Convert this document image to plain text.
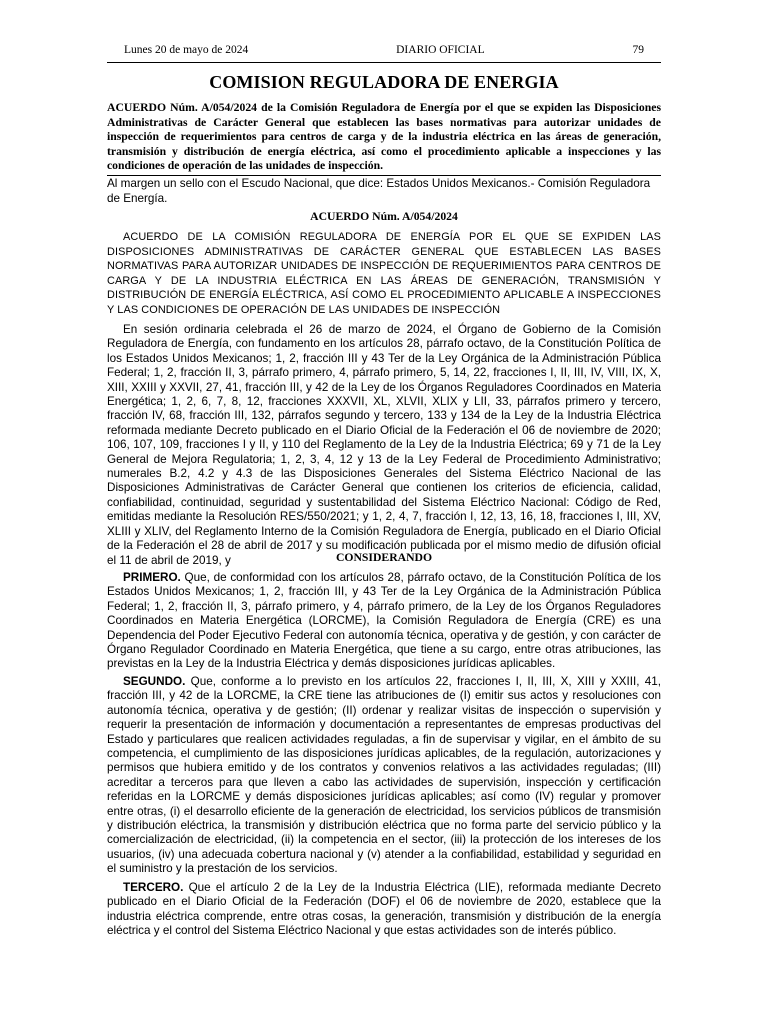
Lunes 20 de mayo de 2024	DIARIO OFICIAL	79
COMISION REGULADORA DE ENERGIA
ACUERDO Núm. A/054/2024 de la Comisión Reguladora de Energía por el que se expiden las Disposiciones Administrativas de Carácter General que establecen las bases normativas para autorizar unidades de inspección de requerimientos para centros de carga y de la industria eléctrica en las áreas de generación, transmisión y distribución de energía eléctrica, así como el procedimiento aplicable a inspecciones y las condiciones de operación de las unidades de inspección.
Al margen un sello con el Escudo Nacional, que dice: Estados Unidos Mexicanos.- Comisión Reguladora de Energía.
ACUERDO Núm. A/054/2024
ACUERDO DE LA COMISIÓN REGULADORA DE ENERGÍA POR EL QUE SE EXPIDEN LAS DISPOSICIONES ADMINISTRATIVAS DE CARÁCTER GENERAL QUE ESTABLECEN LAS BASES NORMATIVAS PARA AUTORIZAR UNIDADES DE INSPECCIÓN DE REQUERIMIENTOS PARA CENTROS DE CARGA Y DE LA INDUSTRIA ELÉCTRICA EN LAS ÁREAS DE GENERACIÓN, TRANSMISIÓN Y DISTRIBUCIÓN DE ENERGÍA ELÉCTRICA, ASÍ COMO EL PROCEDIMIENTO APLICABLE A INSPECCIONES Y LAS CONDICIONES DE OPERACIÓN DE LAS UNIDADES DE INSPECCIÓN
En sesión ordinaria celebrada el 26 de marzo de 2024, el Órgano de Gobierno de la Comisión Reguladora de Energía, con fundamento en los artículos 28, párrafo octavo, de la Constitución Política de los Estados Unidos Mexicanos; 1, 2, fracción III y 43 Ter de la Ley Orgánica de la Administración Pública Federal; 1, 2, fracción II, 3, párrafo primero, 4, párrafo primero, 5, 14, 22, fracciones I, II, III, IV, VIII, IX, X, XIII, XXIII y XXVII, 27, 41, fracción III, y 42 de la Ley de los Órganos Reguladores Coordinados en Materia Energética; 1, 2, 6, 7, 8, 12, fracciones XXXVII, XL, XLVII, XLIX y LII, 33, párrafos primero y tercero, fracción IV, 68, fracción III, 132, párrafos segundo y tercero, 133 y 134 de la Ley de la Industria Eléctrica reformada mediante Decreto publicado en el Diario Oficial de la Federación el 06 de noviembre de 2020; 106, 107, 109, fracciones I y II, y 110 del Reglamento de la Ley de la Industria Eléctrica; 69 y 71 de la Ley General de Mejora Regulatoria; 1, 2, 3, 4, 12 y 13 de la Ley Federal de Procedimiento Administrativo; numerales B.2, 4.2 y 4.3 de las Disposiciones Generales del Sistema Eléctrico Nacional de las Disposiciones Administrativas de Carácter General que contienen los criterios de eficiencia, calidad, confiabilidad, continuidad, seguridad y sustentabilidad del Sistema Eléctrico Nacional: Código de Red, emitidas mediante la Resolución RES/550/2021; y 1, 2, 4, 7, fracción I, 12, 13, 16, 18, fracciones I, III, XV, XLIII y XLIV, del Reglamento Interno de la Comisión Reguladora de Energía, publicado en el Diario Oficial de la Federación el 28 de abril de 2017 y su modificación publicada por el mismo medio de difusión oficial el 11 de abril de 2019, y	CONSIDERANDO
PRIMERO. Que, de conformidad con los artículos 28, párrafo octavo, de la Constitución Política de los Estados Unidos Mexicanos; 1, 2, fracción III, y 43 Ter de la Ley Orgánica de la Administración Pública Federal; 1, 2, fracción II, 3, párrafo primero, y 4, párrafo primero, de la Ley de los Órganos Reguladores Coordinados en Materia Energética (LORCME), la Comisión Reguladora de Energía (CRE) es una Dependencia del Poder Ejecutivo Federal con autonomía técnica, operativa y de gestión, y con carácter de Órgano Regulador Coordinado en Materia Energética, que tiene a su cargo, entre otras atribuciones, las previstas en la Ley de la Industria Eléctrica y demás disposiciones jurídicas aplicables.
SEGUNDO. Que, conforme a lo previsto en los artículos 22, fracciones I, II, III, X, XIII y XXIII, 41, fracción III, y 42 de la LORCME, la CRE tiene las atribuciones de (I) emitir sus actos y resoluciones con autonomía técnica, operativa y de gestión; (II) ordenar y realizar visitas de inspección o supervisión y requerir la presentación de información y documentación a representantes de empresas productivas del Estado y particulares que realicen actividades reguladas, a fin de supervisar y vigilar, en el ámbito de su competencia, el cumplimiento de las disposiciones jurídicas aplicables, de la regulación, autorizaciones y permisos que hubiera emitido y de los contratos y convenios relativos a las actividades reguladas; (III) acreditar a terceros para que lleven a cabo las actividades de supervisión, inspección y certificación referidas en la LORCME y demás disposiciones jurídicas aplicables; así como (IV) regular y promover entre otras, (i) el desarrollo eficiente de la generación de electricidad, los servicios públicos de transmisión y distribución eléctrica, la transmisión y distribución eléctrica que no forma parte del servicio público y la comercialización de electricidad, (ii) la competencia en el sector, (iii) la protección de los intereses de los usuarios, (iv) una adecuada cobertura nacional y (v) atender a la confiabilidad, estabilidad y seguridad en el suministro y la prestación de los servicios.
TERCERO. Que el artículo 2 de la Ley de la Industria Eléctrica (LIE), reformada mediante Decreto publicado en el Diario Oficial de la Federación (DOF) el 06 de noviembre de 2020, establece que la industria eléctrica comprende, entre otras cosas, la generación, transmisión y distribución de la energía eléctrica y el control del Sistema Eléctrico Nacional y que estas actividades son de interés público.
